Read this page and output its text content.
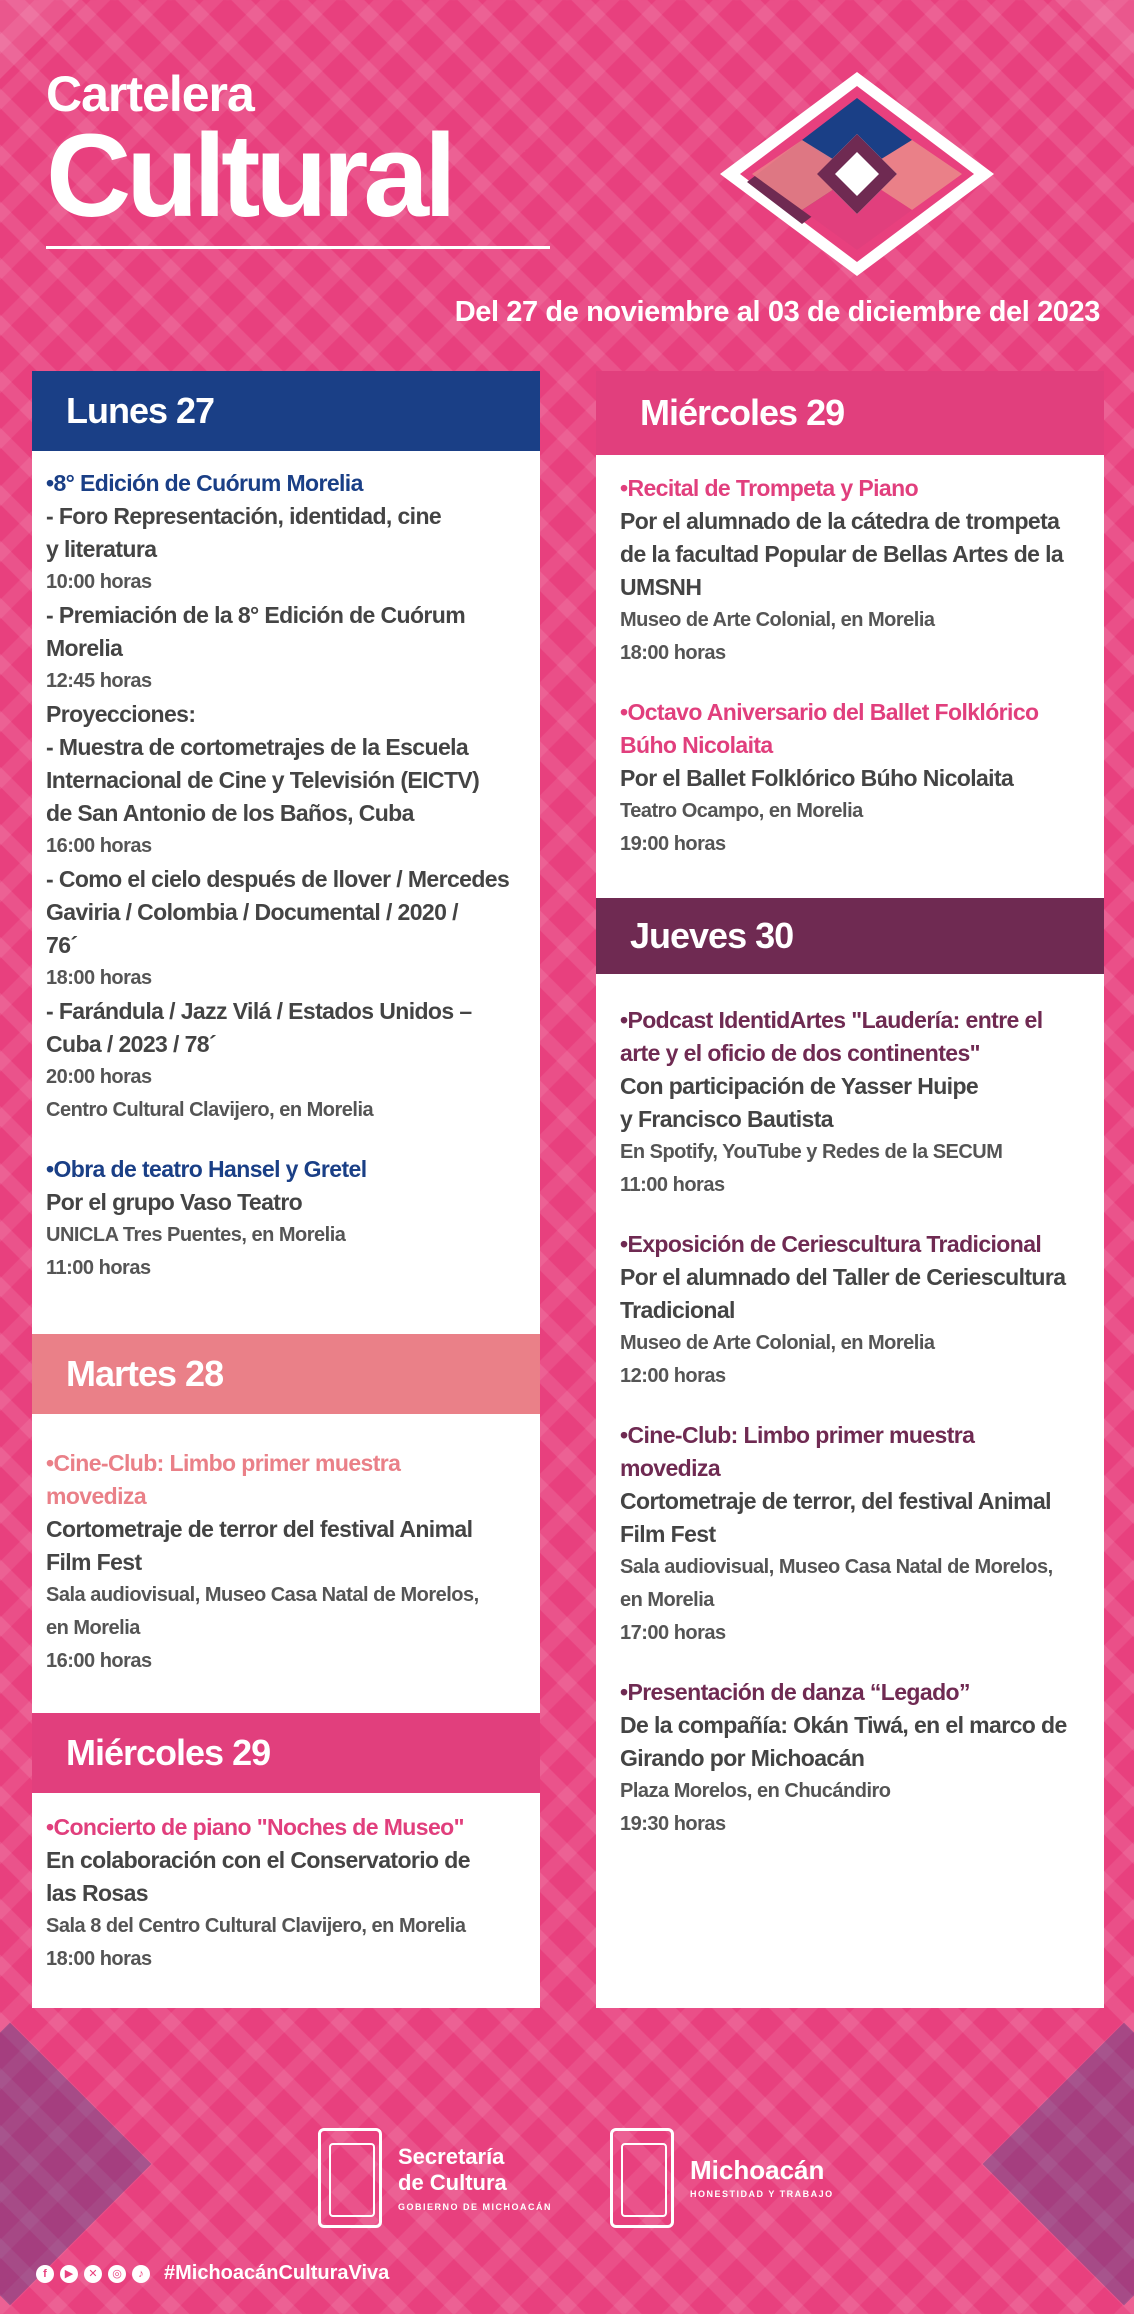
Cartelera
Cultural
Del 27 de noviembre al 03 de diciembre del 2023
Lunes 27
•8° Edición de Cuórum Morelia
- Foro Representación, identidad, cine
y literatura
10:00 horas
- Premiación de la 8° Edición de Cuórum
Morelia
12:45 horas
Proyecciones:
- Muestra de cortometrajes de la Escuela
Internacional de Cine y Televisión (EICTV)
de San Antonio de los Baños, Cuba
16:00 horas
- Como el cielo después de llover / Mercedes
Gaviria / Colombia / Documental / 2020 /
76´
18:00 horas
- Farándula / Jazz Vilá / Estados Unidos –
Cuba / 2023 / 78´
20:00 horas
Centro Cultural Clavijero, en Morelia
•Obra de teatro Hansel y Gretel
Por el grupo Vaso Teatro
UNICLA Tres Puentes, en Morelia
11:00 horas
Martes 28
•Cine-Club: Limbo primer muestra
movediza
Cortometraje de terror del festival Animal
Film Fest
Sala audiovisual, Museo Casa Natal de Morelos,
en Morelia
16:00 horas
Miércoles 29
•Concierto de piano "Noches de Museo"
En colaboración con el Conservatorio de
las Rosas
Sala 8 del Centro Cultural Clavijero, en Morelia
18:00 horas
Miércoles 29
•Recital de Trompeta y Piano
Por el alumnado de la cátedra de trompeta
de la facultad Popular de Bellas Artes de la
UMSNH
Museo de Arte Colonial, en Morelia
18:00 horas
•Octavo Aniversario del Ballet Folklórico
Búho Nicolaita
Por el Ballet Folklórico Búho Nicolaita
Teatro Ocampo, en Morelia
19:00 horas
Jueves 30
•Podcast IdentidArtes "Laudería: entre el
arte y el oficio de dos continentes"
Con participación de Yasser Huipe
y Francisco Bautista
En Spotify, YouTube y Redes de la SECUM
11:00 horas
•Exposición de Ceriescultura Tradicional
Por el alumnado del Taller de Ceriescultura
Tradicional
Museo de Arte Colonial, en Morelia
12:00 horas
•Cine-Club: Limbo primer muestra
movediza
Cortometraje de terror, del festival Animal
Film Fest
Sala audiovisual, Museo Casa Natal de Morelos,
en Morelia
17:00 horas
•Presentación de danza “Legado”
De la compañía: Okán Tiwá, en el marco de
Girando por Michoacán
Plaza Morelos, en Chucándiro
19:30 horas
Secretaría
de Cultura
GOBIERNO DE MICHOACÁN
Michoacán
HONESTIDAD Y TRABAJO
f	▶	✕	◎	♪	#MichoacánCulturaViva
